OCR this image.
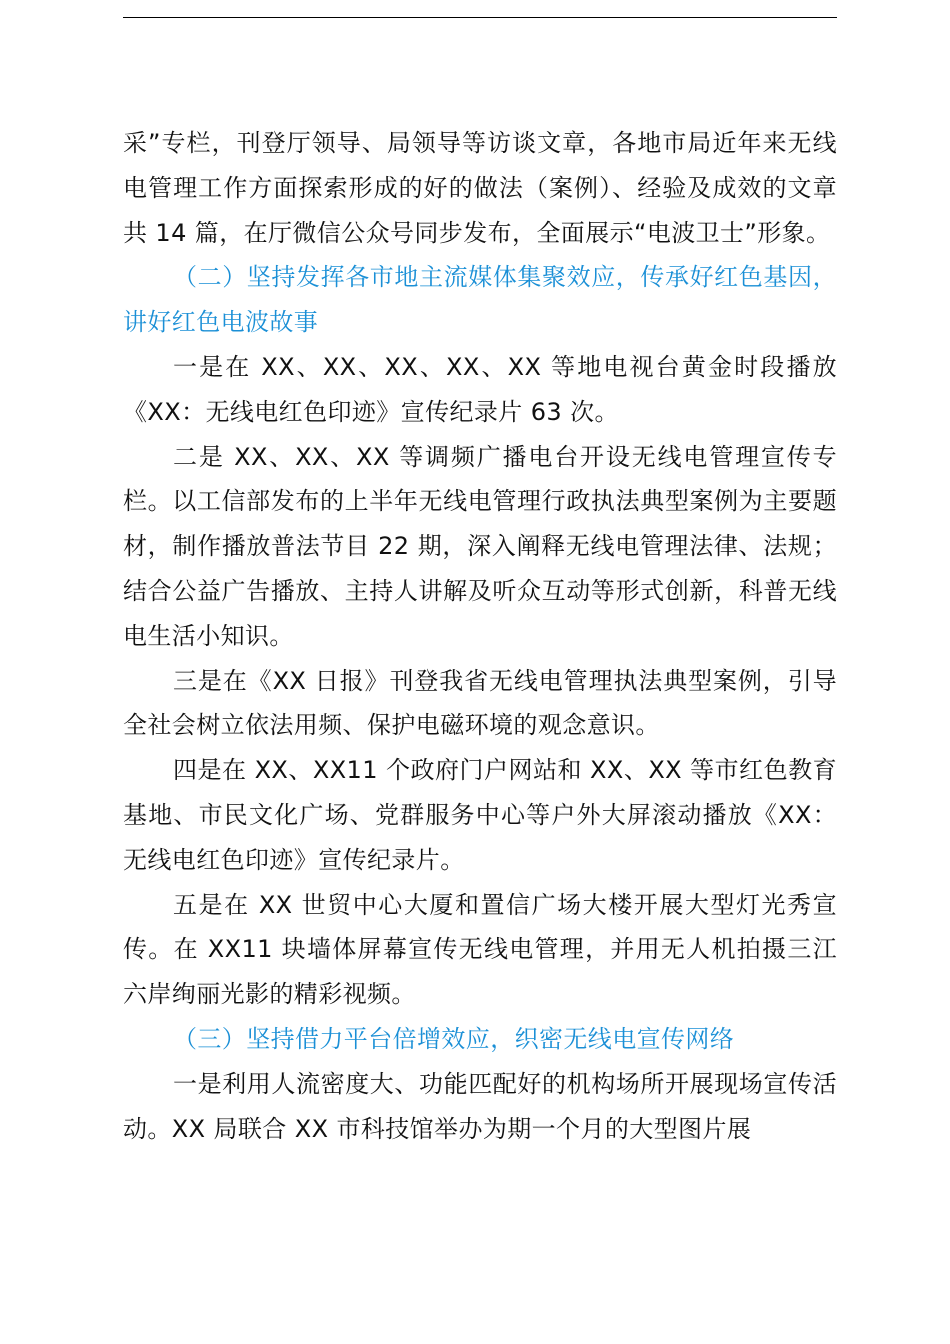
采”专栏，刊登厅领导、局领导等访谈文章，各地市局近年来无线电管理工作方面探索形成的好的做法（案例）、经验及成效的文章共 14 篇，在厅微信公众号同步发布，全面展示“电波卫士”形象。

（二）坚持发挥各市地主流媒体集聚效应，传承好红色基因，讲好红色电波故事

一是在 XX、XX、XX、XX、XX 等地电视台黄金时段播放《XX：无线电红色印迹》宣传纪录片 63 次。

二是 XX、XX、XX 等调频广播电台开设无线电管理宣传专栏。以工信部发布的上半年无线电管理行政执法典型案例为主要题材，制作播放普法节目 22 期，深入阐释无线电管理法律、法规；结合公益广告播放、主持人讲解及听众互动等形式创新，科普无线电生活小知识。

三是在《XX 日报》刊登我省无线电管理执法典型案例，引导全社会树立依法用频、保护电磁环境的观念意识。

四是在 XX、XX11 个政府门户网站和 XX、XX 等市红色教育基地、市民文化广场、党群服务中心等户外大屏滚动播放《XX：无线电红色印迹》宣传纪录片。

五是在 XX 世贸中心大厦和置信广场大楼开展大型灯光秀宣传。在 XX11 块墙体屏幕宣传无线电管理，并用无人机拍摄三江六岸绚丽光影的精彩视频。

（三）坚持借力平台倍增效应，织密无线电宣传网络

一是利用人流密度大、功能匹配好的机构场所开展现场宣传活动。XX 局联合 XX 市科技馆举办为期一个月的大型图片展
